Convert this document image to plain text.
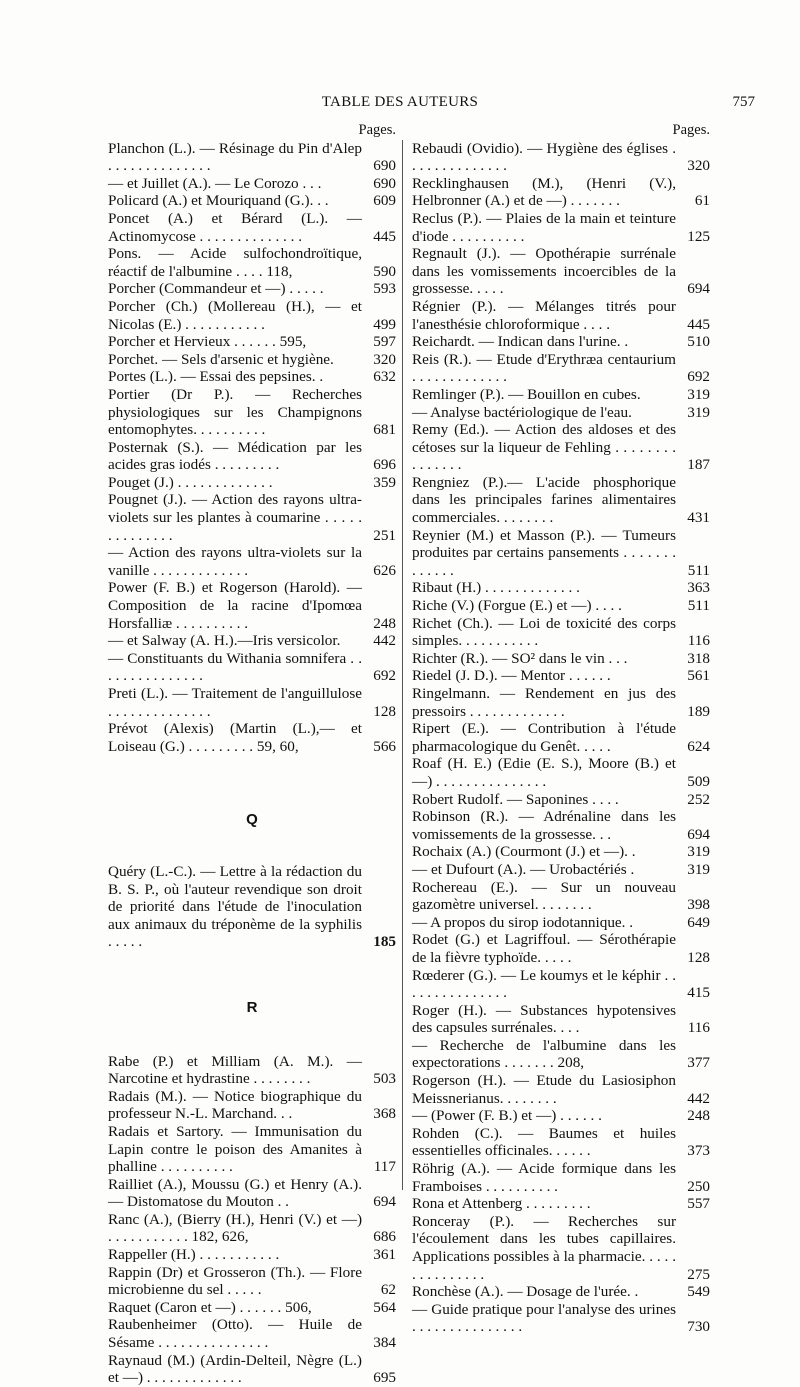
TABLE DES AUTEURS	757
Pages.
Planchon (L.). — Résinage du Pin d'Alep . . . . . . . . . . . . . .	690
— et Juillet (A.). — Le Corozo . . .	690
Policard (A.) et Mouriquand (G.). . .	609
Poncet (A.) et Bérard (L.). — Actinomycose . . . . . . . . . . . . . .	445
Pons. — Acide sulfochondroïtique, réactif de l'albumine . . . . 118,	590
Porcher (Commandeur et —) . . . . .	593
Porcher (Ch.) (Mollereau (H.), — et Nicolas (E.) . . . . . . . . . . .	499
Porcher et Hervieux . . . . . . 595,	597
Porchet. — Sels d'arsenic et hygiène.	320
Portes (L.). — Essai des pepsines. .	632
Portier (Dr P.). — Recherches physiologiques sur les Champignons entomophytes. . . . . . . . . .	681
Posternak (S.). — Médication par les acides gras iodés . . . . . . . . .	696
Pouget (J.) . . . . . . . . . . . . .	359
Pougnet (J.). — Action des rayons ultra-violets sur les plantes à coumarine . . . . . . . . . . . . . .	251
— Action des rayons ultra-violets sur la vanille . . . . . . . . . . . . .	626
Power (F. B.) et Rogerson (Harold). — Composition de la racine d'Ipomœa Horsfalliæ . . . . . . . . . .	248
— et Salway (A. H.).—Iris versicolor.	442
— Constituants du Withania somnifera . . . . . . . . . . . . . . .	692
Preti (L.). — Traitement de l'anguillulose . . . . . . . . . . . . . .	128
Prévot (Alexis) (Martin (L.),— et Loiseau (G.) . . . . . . . . . 59, 60,	566
Q
Quéry (L.-C.). — Lettre à la rédaction du B. S. P., où l'auteur revendique son droit de priorité dans l'étude de l'inoculation aux animaux du tréponème de la syphilis . . . . .	185
R
Rabe (P.) et Milliam (A. M.). — Narcotine et hydrastine . . . . . . . .	503
Radais (M.). — Notice biographique du professeur N.-L. Marchand. . .	368
Radais et Sartory. — Immunisation du Lapin contre le poison des Amanites à phalline . . . . . . . . . .	117
Railliet (A.), Moussu (G.) et Henry (A.). — Distomatose du Mouton . .	694
Ranc (A.), (Bierry (H.), Henri (V.) et —) . . . . . . . . . . . 182, 626,	686
Rappeller (H.) . . . . . . . . . . .	361
Rappin (Dr) et Grosseron (Th.). — Flore microbienne du sel . . . . .	62
Raquet (Caron et —) . . . . . . 506,	564
Raubenheimer (Otto). — Huile de Sésame . . . . . . . . . . . . . . .	384
Raynaud (M.) (Ardin-Delteil, Nègre (L.) et —) . . . . . . . . . . . . .	695
Pages.
Rebaudi (Ovidio). — Hygiène des églises . . . . . . . . . . . . . .	320
Recklinghausen (M.), (Henri (V.), Helbronner (A.) et de —) . . . . . . .	61
Reclus (P.). — Plaies de la main et teinture d'iode . . . . . . . . . .	125
Regnault (J.). — Opothérapie surrénale dans les vomissements incoercibles de la grossesse. . . . .	694
Régnier (P.). — Mélanges titrés pour l'anesthésie chloroformique . . . .	445
Reichardt. — Indican dans l'urine. .	510
Reis (R.). — Etude d'Erythræa centaurium . . . . . . . . . . . . .	692
Remlinger (P.). — Bouillon en cubes.	319
— Analyse bactériologique de l'eau.	319
Remy (Ed.). — Action des aldoses et des cétoses sur la liqueur de Fehling . . . . . . . . . . . . . . .	187
Rengniez (P.).— L'acide phosphorique dans les principales farines alimentaires commerciales. . . . . . . .	431
Reynier (M.) et Masson (P.). — Tumeurs produites par certains pansements . . . . . . . . . . . . .	511
Ribaut (H.) . . . . . . . . . . . . .	363
Riche (V.) (Forgue (E.) et —) . . . .	511
Richet (Ch.). — Loi de toxicité des corps simples. . . . . . . . . . .	116
Richter (R.). — SO² dans le vin . . .	318
Riedel (J. D.). — Mentor . . . . . .	561
Ringelmann. — Rendement en jus des pressoirs . . . . . . . . . . . . .	189
Ripert (E.). — Contribution à l'étude pharmacologique du Genêt. . . . .	624
Roaf (H. E.) (Edie (E. S.), Moore (B.) et —) . . . . . . . . . . . . . . .	509
Robert Rudolf. — Saponines . . . .	252
Robinson (R.). — Adrénaline dans les vomissements de la grossesse. . .	694
Rochaix (A.) (Courmont (J.) et —). .	319
— et Dufourt (A.). — Urobactériés .	319
Rochereau (E.). — Sur un nouveau gazomètre universel. . . . . . . .	398
— A propos du sirop iodotannique. .	649
Rodet (G.) et Lagriffoul. — Sérothérapie de la fièvre typhoïde. . . . .	128
Rœderer (G.). — Le koumys et le képhir . . . . . . . . . . . . . . .	415
Roger (H.). — Substances hypotensives des capsules surrénales. . . .	116
— Recherche de l'albumine dans les expectorations . . . . . . . 208,	377
Rogerson (H.). — Etude du Lasiosiphon Meissnerianus. . . . . . . .	442
— (Power (F. B.) et —) . . . . . .	248
Rohden (C.). — Baumes et huiles essentielles officinales. . . . . .	373
Röhrig (A.). — Acide formique dans les Framboises . . . . . . . . . .	250
Rona et Attenberg . . . . . . . . .	557
Ronceray (P.). — Recherches sur l'écoulement dans les tubes capillaires. Applications possibles à la pharmacie. . . . . . . . . . . . . . .	275
Ronchèse (A.). — Dosage de l'urée. .	549
— Guide pratique pour l'analyse des urines . . . . . . . . . . . . . . .	730
